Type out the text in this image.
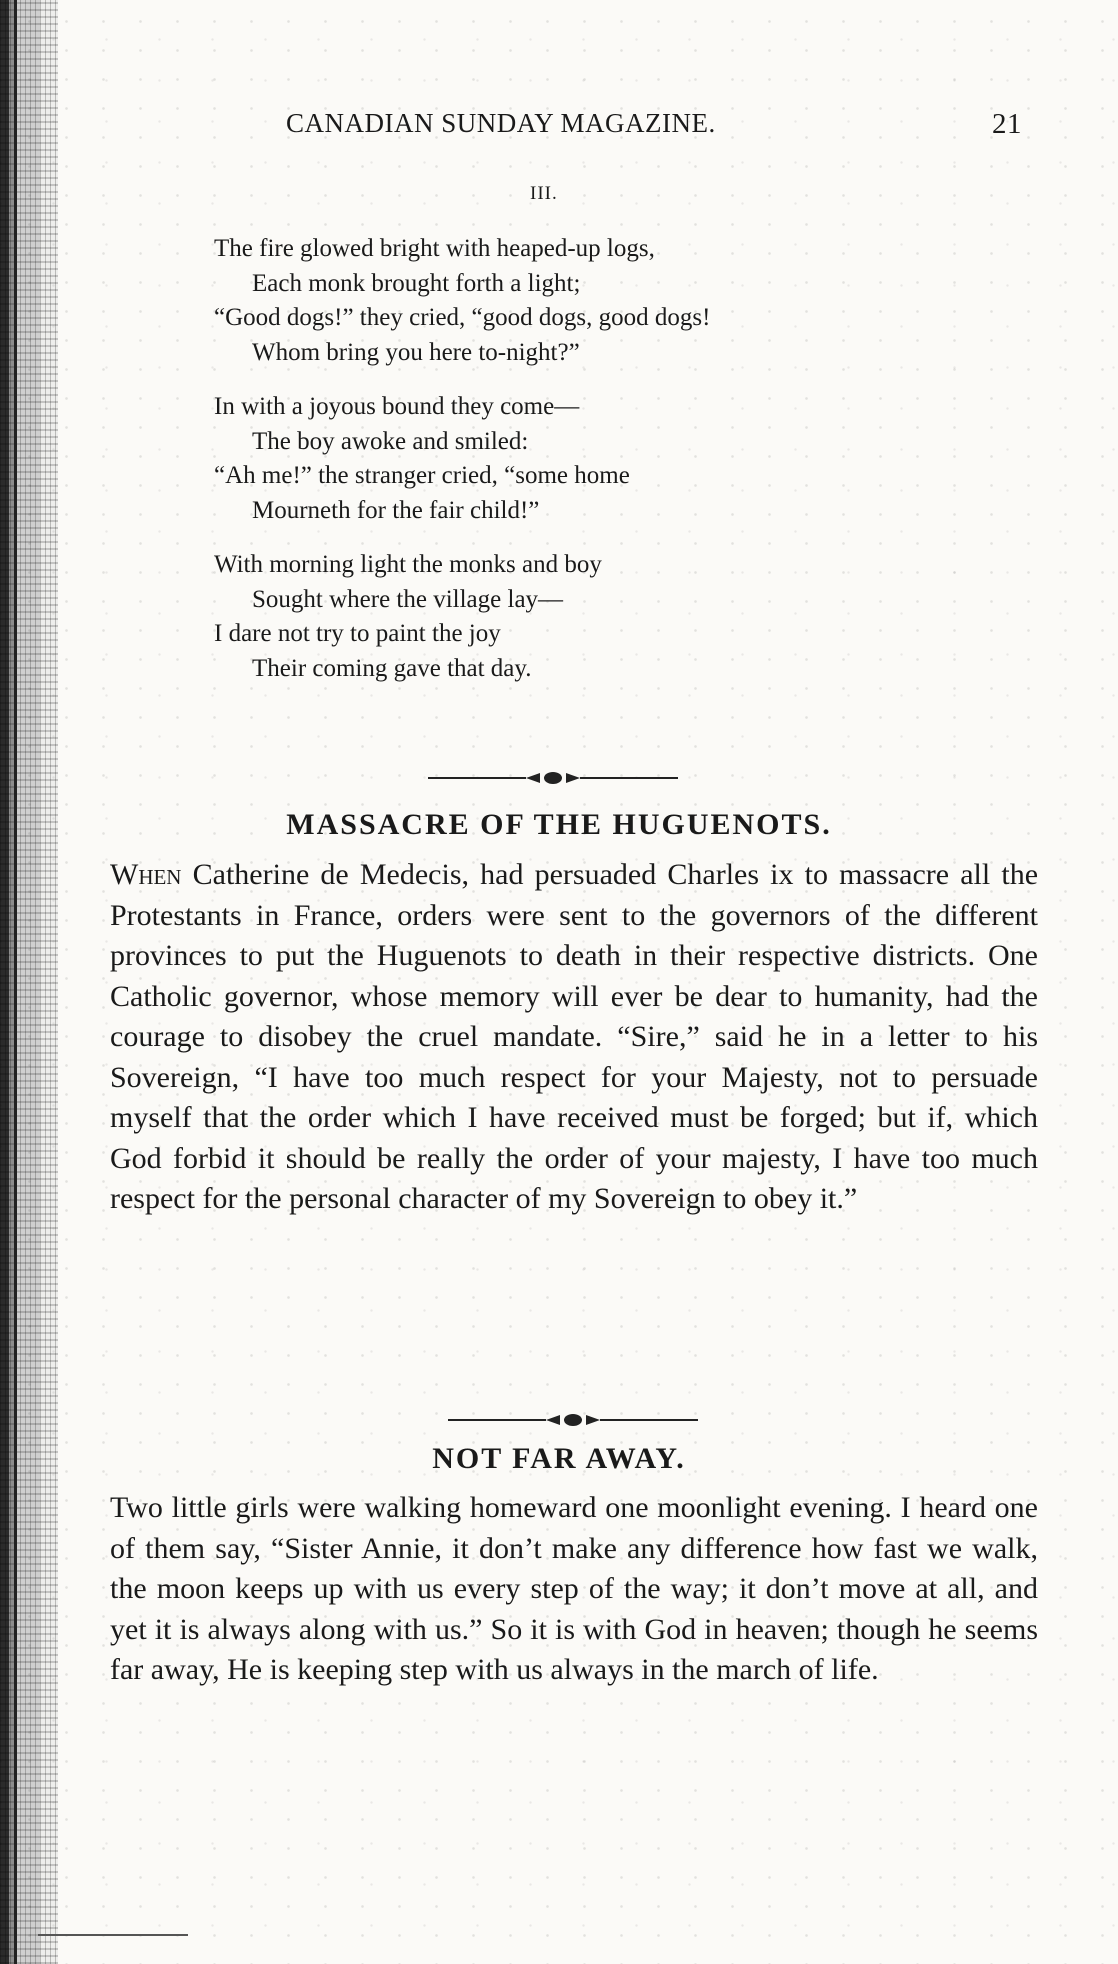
CANADIAN SUNDAY MAGAZINE.	21
III.
The fire glowed bright with heaped-up logs,
Each monk brought forth a light;
“Good dogs!” they cried, “good dogs, good dogs!
Whom bring you here to-night?”
In with a joyous bound they come—
The boy awoke and smiled:
“Ah me!” the stranger cried, “some home
Mourneth for the fair child!”
With morning light the monks and boy
Sought where the village lay—
I dare not try to paint the joy
Their coming gave that day.
MASSACRE OF THE HUGUENOTS.
When Catherine de Medecis, had persuaded Charles ix to massacre all the Protestants in France, orders were sent to the governors of the different provinces to put the Huguenots to death in their respective districts. One Catholic governor, whose memory will ever be dear to humanity, had the courage to disobey the cruel mandate. “Sire,” said he in a letter to his Sovereign, “I have too much respect for your Majesty, not to persuade myself that the order which I have received must be forged; but if, which God forbid it should be really the order of your majesty, I have too much respect for the personal character of my Sovereign to obey it.”
NOT FAR AWAY.
Two little girls were walking homeward one moonlight evening. I heard one of them say, “Sister Annie, it don’t make any difference how fast we walk, the moon keeps up with us every step of the way; it don’t move at all, and yet it is always along with us.” So it is with God in heaven; though he seems far away, He is keeping step with us always in the march of life.
